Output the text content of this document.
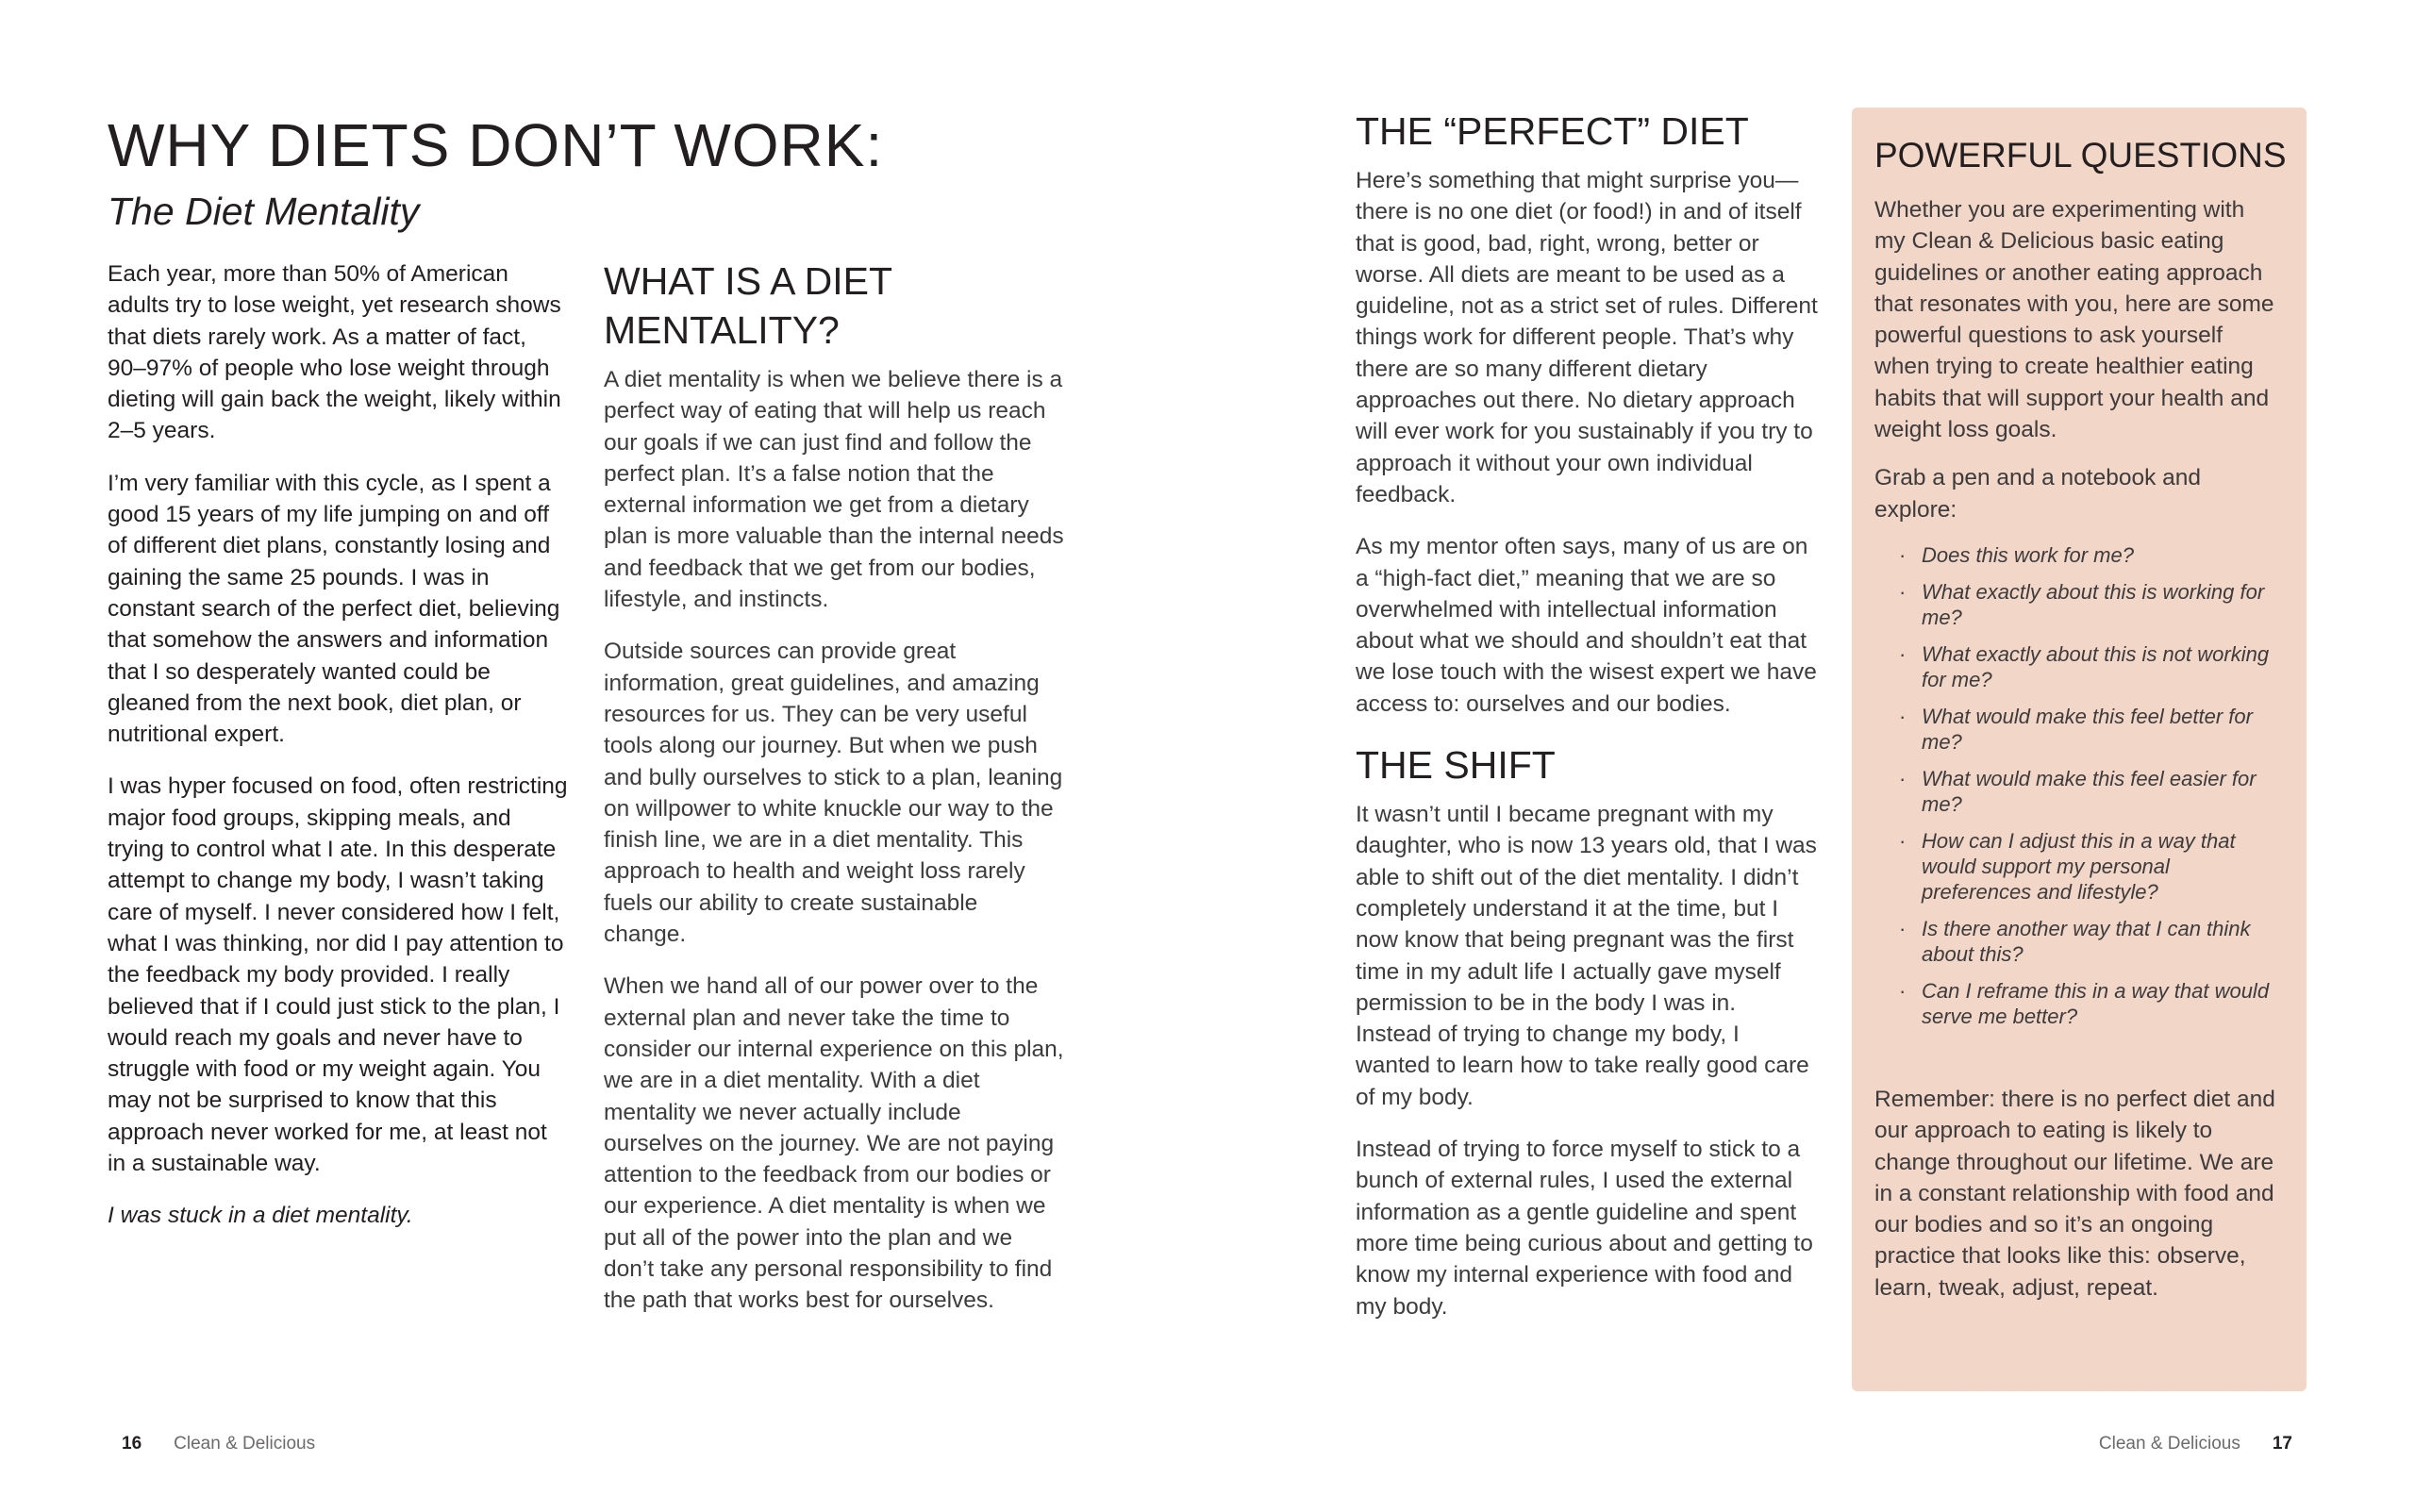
WHY DIETS DON’T WORK:
The Diet Mentality

Each year, more than 50% of American adults try to lose weight, yet research shows that diets rarely work. As a matter of fact, 90–97% of people who lose weight through dieting will gain back the weight, likely within 2–5 years.

I’m very familiar with this cycle, as I spent a good 15 years of my life jumping on and off of different diet plans, constantly losing and gaining the same 25 pounds. I was in constant search of the perfect diet, believing that somehow the answers and information that I so desperately wanted could be gleaned from the next book, diet plan, or nutritional expert.

I was hyper focused on food, often restricting major food groups, skipping meals, and trying to control what I ate. In this desperate attempt to change my body, I wasn’t taking care of myself. I never considered how I felt, what I was thinking, nor did I pay attention to the feedback my body provided. I really believed that if I could just stick to the plan, I would reach my goals and never have to struggle with food or my weight again. You may not be surprised to know that this approach never worked for me, at least not in a sustainable way.

I was stuck in a diet mentality.

WHAT IS A DIET MENTALITY?

A diet mentality is when we believe there is a perfect way of eating that will help us reach our goals if we can just find and follow the perfect plan. It’s a false notion that the external information we get from a dietary plan is more valuable than the internal needs and feedback that we get from our bodies, lifestyle, and instincts.

Outside sources can provide great information, great guidelines, and amazing resources for us. They can be very useful tools along our journey. But when we push and bully ourselves to stick to a plan, leaning on willpower to white knuckle our way to the finish line, we are in a diet mentality. This approach to health and weight loss rarely fuels our ability to create sustainable change.

When we hand all of our power over to the external plan and never take the time to consider our internal experience on this plan, we are in a diet mentality. With a diet mentality we never actually include ourselves on the journey. We are not paying attention to the feedback from our bodies or our experience. A diet mentality is when we put all of the power into the plan and we don’t take any personal responsibility to find the path that works best for ourselves.

16 Clean & Delicious
THE “PERFECT” DIET

Here’s something that might surprise you—there is no one diet (or food!) in and of itself that is good, bad, right, wrong, better or worse. All diets are meant to be used as a guideline, not as a strict set of rules. Different things work for different people. That’s why there are so many different dietary approaches out there. No dietary approach will ever work for you sustainably if you try to approach it without your own individual feedback.

As my mentor often says, many of us are on a “high-fact diet,” meaning that we are so overwhelmed with intellectual information about what we should and shouldn’t eat that we lose touch with the wisest expert we have access to: ourselves and our bodies.

THE SHIFT

It wasn’t until I became pregnant with my daughter, who is now 13 years old, that I was able to shift out of the diet mentality. I didn’t completely understand it at the time, but I now know that being pregnant was the first time in my adult life I actually gave myself permission to be in the body I was in. Instead of trying to change my body, I wanted to learn how to take really good care of my body.

Instead of trying to force myself to stick to a bunch of external rules, I used the external information as a gentle guideline and spent more time being curious about and getting to know my internal experience with food and my body.

POWERFUL QUESTIONS

Whether you are experimenting with my Clean & Delicious basic eating guidelines or another eating approach that resonates with you, here are some powerful questions to ask yourself when trying to create healthier eating habits that will support your health and weight loss goals.

Grab a pen and a notebook and explore:

· Does this work for me?
· What exactly about this is working for me?
· What exactly about this is not working for me?
· What would make this feel better for me?
· What would make this feel easier for me?
· How can I adjust this in a way that would support my personal preferences and lifestyle?
· Is there another way that I can think about this?
· Can I reframe this in a way that would serve me better?

Remember: there is no perfect diet and our approach to eating is likely to change throughout our lifetime. We are in a constant relationship with food and our bodies and so it’s an ongoing practice that looks like this: observe, learn, tweak, adjust, repeat.

Clean & Delicious 17
